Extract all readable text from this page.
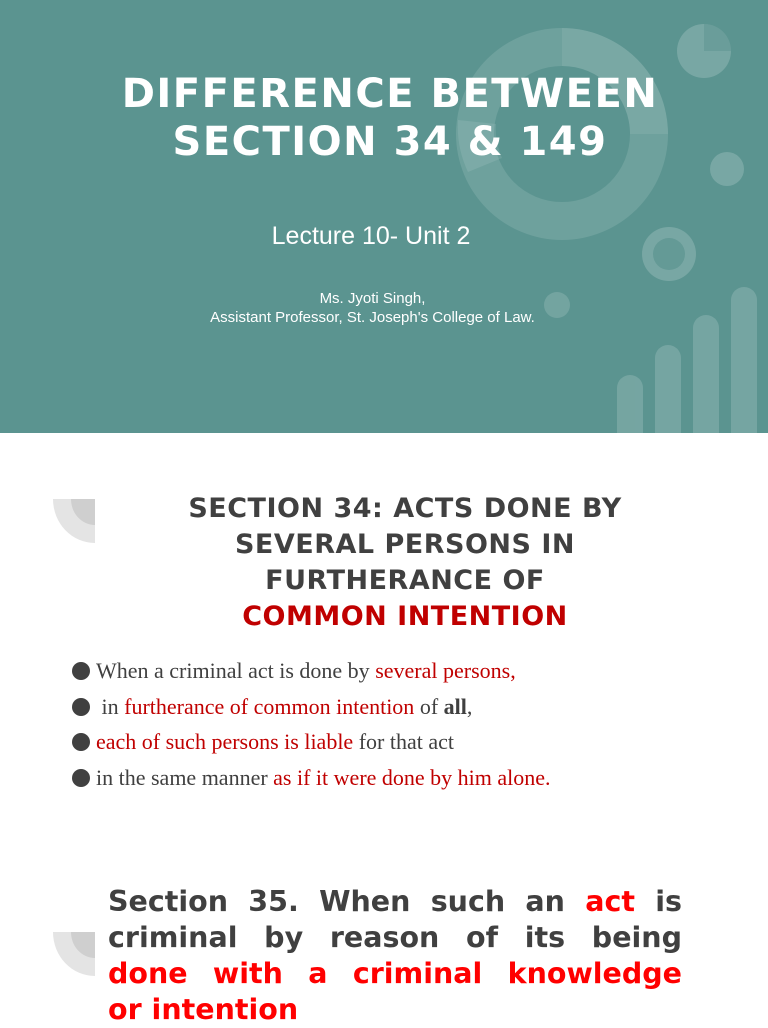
DIFFERENCE BETWEEN
SECTION 34 & 149
Lecture 10- Unit 2
Ms. Jyoti Singh,
Assistant Professor, St. Joseph's College of Law.
SECTION 34: ACTS DONE BY
SEVERAL PERSONS IN
FURTHERANCE OF
COMMON INTENTION
When a criminal act is done by several persons,
in furtherance of common intention of all,
each of such persons is liable for that act
in the same manner as if it were done by him alone.
Section 35. When such an act is
criminal by reason of its being
done with a criminal knowledge
or intention
